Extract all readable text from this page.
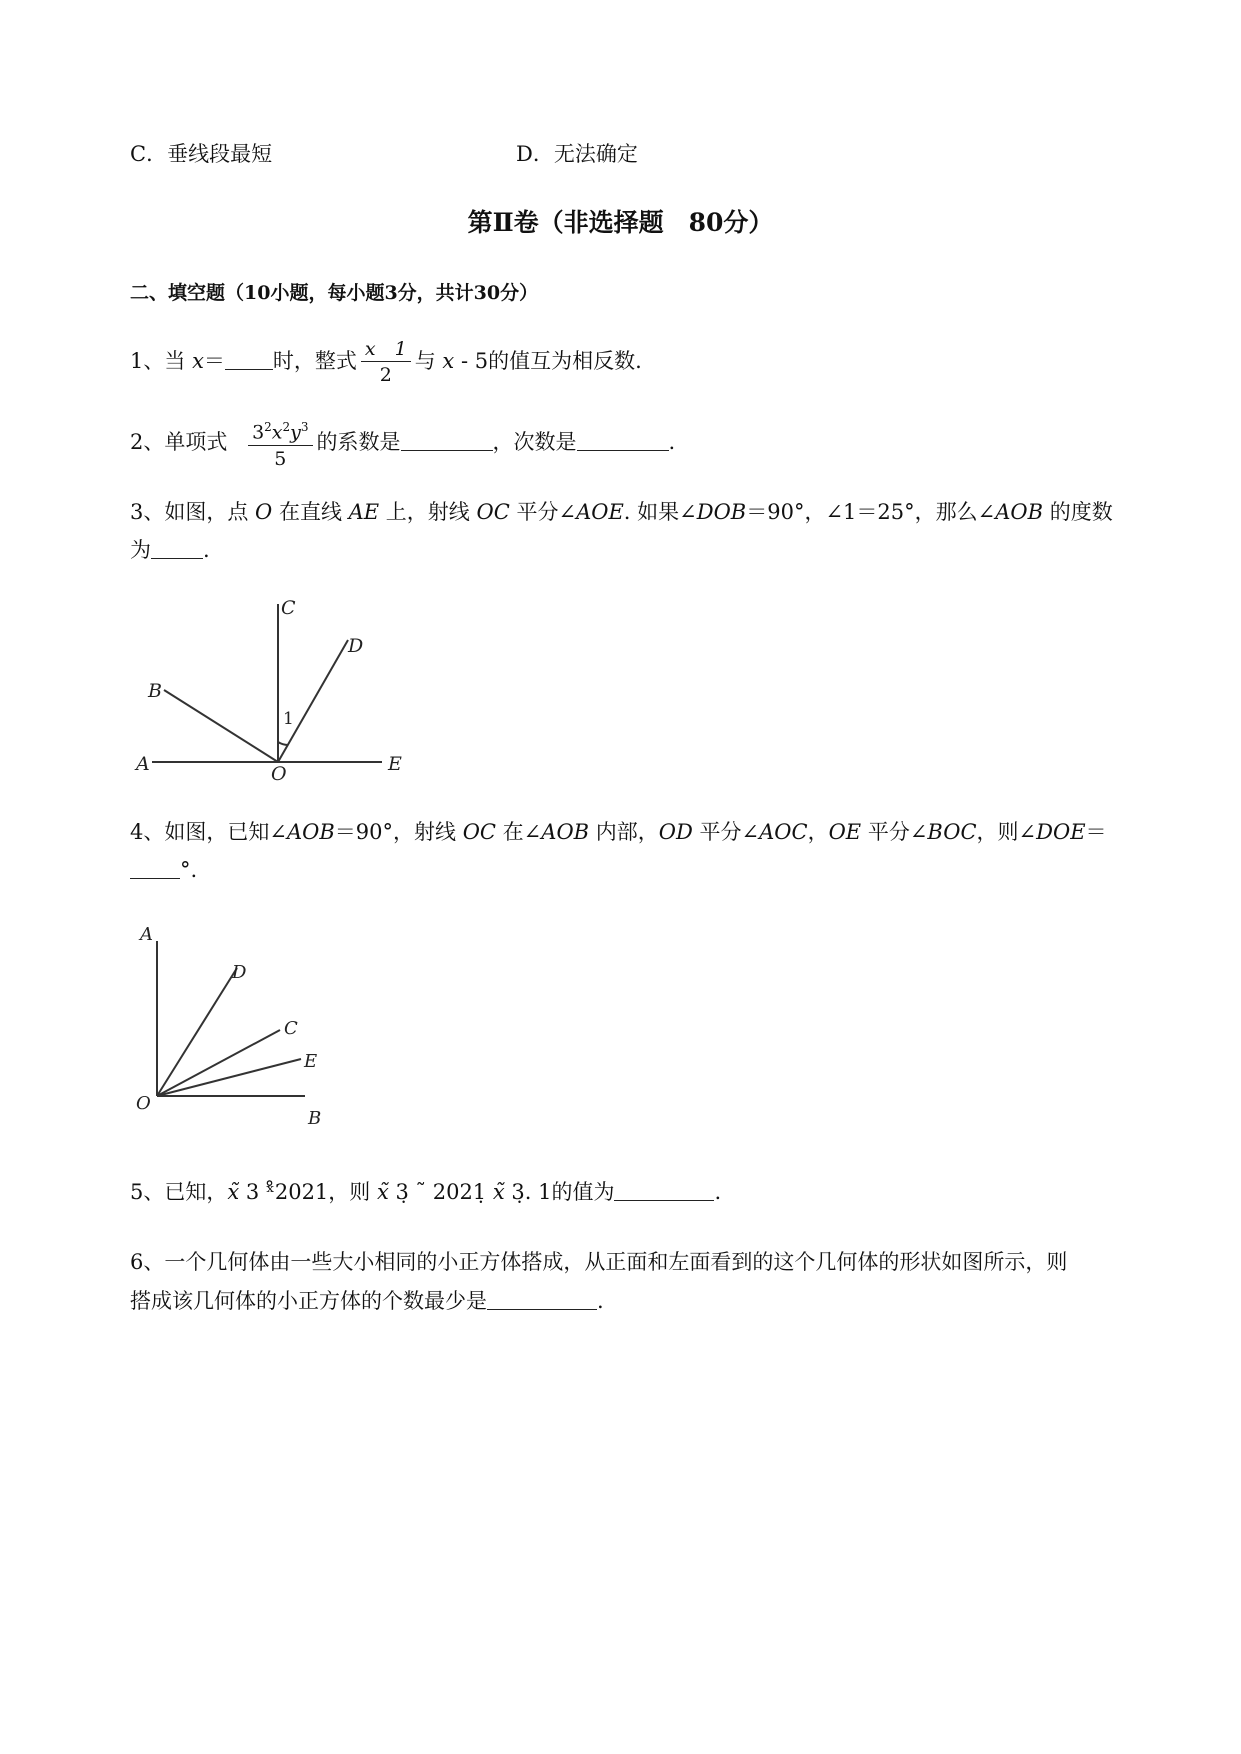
C．垂线段最短	D．无法确定
第Ⅱ卷（非选择题　80分）
二、填空题（10小题，每小题3分，共计30分）
1、当 x＝ 时，整式 $\frac{x 1}{2}$ 与 x - 5的值互为相反数.
2、单项式 $\frac{3^2x^2y^3}{5}$ 的系数是	，次数是	.
3、如图，点 O 在直线 AE 上，射线 OC 平分∠AOE. 如果∠DOB＝90°，∠1＝25°，那么∠AOB 的度数
为 .
C
D
B
A	E
O
1
4、如图，已知∠AOB＝90°，射线 OC 在∠AOB 内部，OD 平分∠AOC，OE 平分∠BOC，则∠DOE＝
°.
A
D
C
E
O
B
5、已知，x̃ 3 ˣ̊2021，则 x̃ 3̣ ˜ 2021̣ x̃ 3̣. 1的值为	.
6、一个几何体由一些大小相同的小正方体搭成，从正面和左面看到的这个几何体的形状如图所示，则
搭成该几何体的小正方体的个数最少是	.
